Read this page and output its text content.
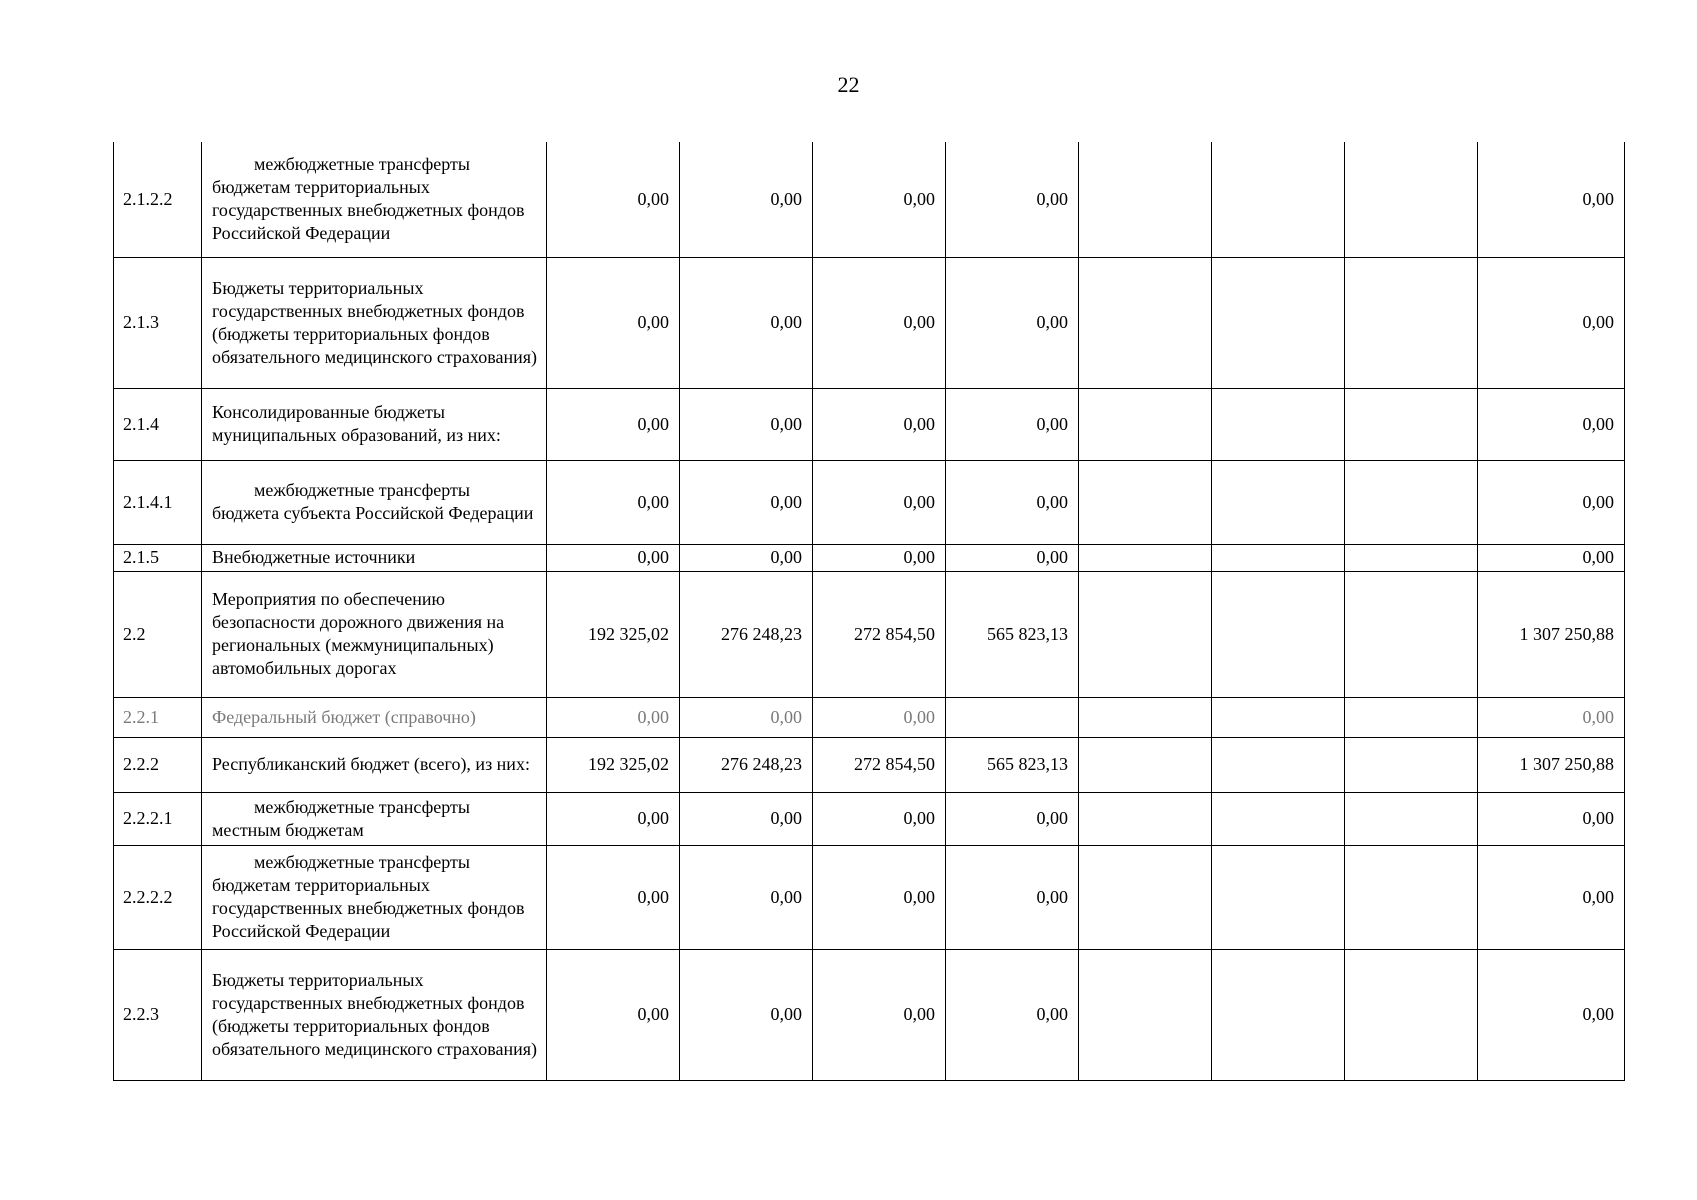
22
2.1.2.2	межбюджетные трансферты бюджетам территориальных государственных внебюджетных фондов Российской Федерации	0,00	0,00	0,00	0,00				0,00
2.1.3	Бюджеты территориальных государственных внебюджетных фондов (бюджеты территориальных фондов обязательного медицинского страхования)	0,00	0,00	0,00	0,00				0,00
2.1.4	Консолидированные бюджеты муниципальных образований, из них:	0,00	0,00	0,00	0,00				0,00
2.1.4.1	межбюджетные трансферты бюджета субъекта Российской Федерации	0,00	0,00	0,00	0,00				0,00
2.1.5	Внебюджетные источники	0,00	0,00	0,00	0,00				0,00
2.2	Мероприятия по обеспечению безопасности дорожного движения на региональных (межмуниципальных) автомобильных дорогах	192 325,02	276 248,23	272 854,50	565 823,13				1 307 250,88
2.2.1	Федеральный бюджет (справочно)	0,00	0,00	0,00					0,00
2.2.2	Республиканский бюджет (всего), из них:	192 325,02	276 248,23	272 854,50	565 823,13				1 307 250,88
2.2.2.1	межбюджетные трансферты местным бюджетам	0,00	0,00	0,00	0,00				0,00
2.2.2.2	межбюджетные трансферты бюджетам территориальных государственных внебюджетных фондов Российской Федерации	0,00	0,00	0,00	0,00				0,00
2.2.3	Бюджеты территориальных государственных внебюджетных фондов (бюджеты территориальных фондов обязательного медицинского страхования)	0,00	0,00	0,00	0,00				0,00
